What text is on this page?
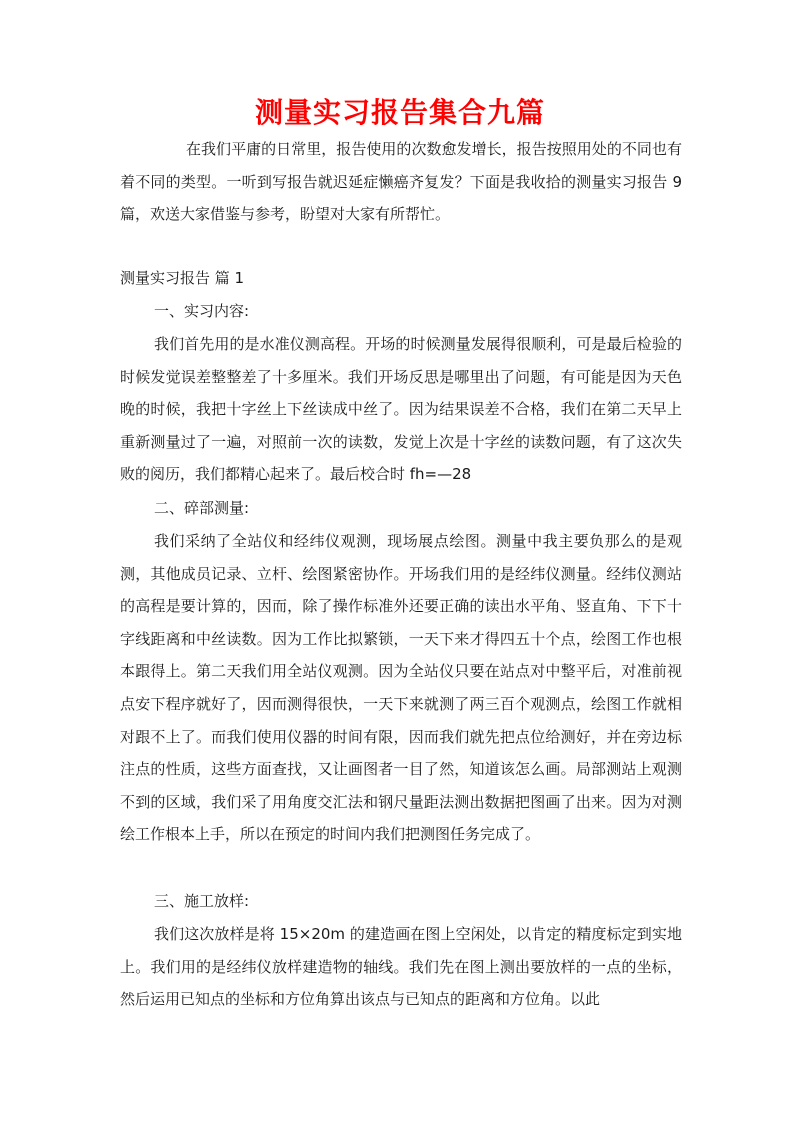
测量实习报告集合九篇

在我们平庸的日常里，报告使用的次数愈发增长，报告按照用处的不同也有着不同的类型。一听到写报告就迟延症懒癌齐复发？下面是我收拾的测量实习报告 9 篇，欢送大家借鉴与参考，盼望对大家有所帮忙。

测量实习报告 篇 1
一、实习内容:

我们首先用的是水准仪测高程。开场的时候测量发展得很顺利，可是最后检验的时候发觉误差整整差了十多厘米。我们开场反思是哪里出了问题，有可能是因为天色晚的时候，我把十字丝上下丝读成中丝了。因为结果误差不合格，我们在第二天早上重新测量过了一遍，对照前一次的读数，发觉上次是十字丝的读数问题，有了这次失败的阅历，我们都精心起来了。最后校合时 fh=—28

二、碎部测量:

我们采纳了全站仪和经纬仪观测，现场展点绘图。测量中我主要负那么的是观测，其他成员记录、立杆、绘图紧密协作。开场我们用的是经纬仪测量。经纬仪测站的高程是要计算的，因而，除了操作标准外还要正确的读出水平角、竖直角、下下十字线距离和中丝读数。因为工作比拟繁锁，一天下来才得四五十个点，绘图工作也根本跟得上。第二天我们用全站仪观测。因为全站仪只要在站点对中整平后，对准前视点安下程序就好了，因而测得很快，一天下来就测了两三百个观测点，绘图工作就相对跟不上了。而我们使用仪器的时间有限，因而我们就先把点位给测好，并在旁边标注点的性质，这些方面查找，又让画图者一目了然，知道该怎么画。局部测站上观测不到的区域，我们采了用角度交汇法和钢尺量距法测出数据把图画了出来。因为对测绘工作根本上手，所以在预定的时间内我们把测图任务完成了。

三、施工放样:

我们这次放样是将 15×20m 的建造画在图上空闲处，以肯定的精度标定到实地上。我们用的是经纬仪放样建造物的轴线。我们先在图上测出要放样的一点的坐标，然后运用已知点的坐标和方位角算出该点与已知点的距离和方位角。以此
